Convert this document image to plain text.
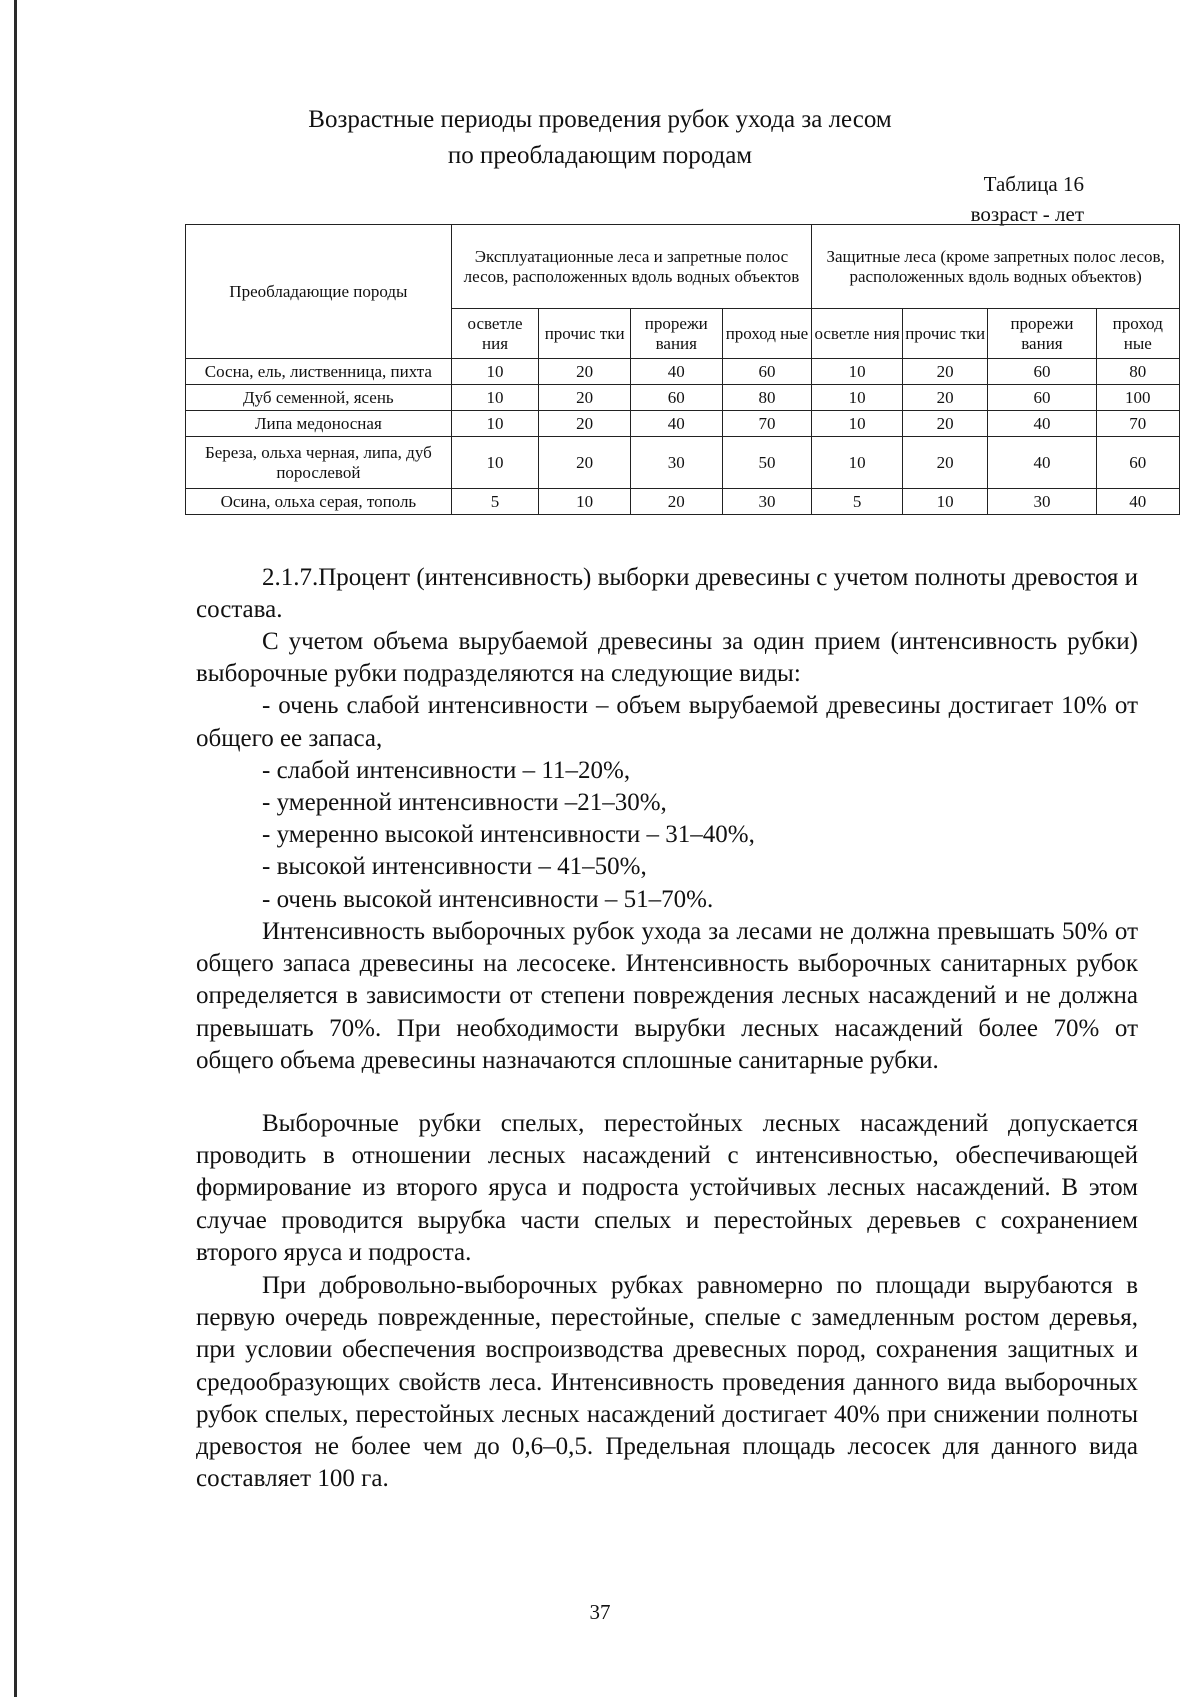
Возрастные периоды проведения рубок ухода за лесом
по преобладающим породам
Таблица 16
возраст - лет
Преобладающие породы	Эксплуатационные леса и запретные полос лесов, расположенных вдоль водных объектов				Защитные леса (кроме запретных полос лесов, расположенных вдоль водных объектов)			
	осветле ния	прочис тки	прорежи вания	проход ные	осветле ния	прочис тки	прорежи вания	проход ные
Сосна, ель, лиственница, пихта	10	20	40	60	10	20	60	80
Дуб семенной, ясень	10	20	60	80	10	20	60	100
Липа медоносная	10	20	40	70	10	20	40	70
Береза, ольха черная, липа, дуб порослевой	10	20	30	50	10	20	40	60
Осина, ольха серая, тополь	5	10	20	30	5	10	30	40
2.1.7.Процент (интенсивность) выборки древесины с учетом полноты древостоя и состава.
С учетом объема вырубаемой древесины за один прием (интенсивность рубки) выборочные рубки подразделяются на следующие виды:
- очень слабой интенсивности – объем вырубаемой древесины достигает 10% от общего ее запаса,
- слабой интенсивности – 11–20%,
- умеренной интенсивности –21–30%,
- умеренно высокой интенсивности – 31–40%,
- высокой интенсивности – 41–50%,
- очень высокой интенсивности – 51–70%.
Интенсивность выборочных рубок ухода за лесами не должна превышать 50% от общего запаса древесины на лесосеке. Интенсивность выборочных санитарных рубок определяется в зависимости от степени повреждения лесных насаждений и не должна превышать 70%. При необходимости вырубки лесных насаждений более 70% от общего объема древесины назначаются сплошные санитарные рубки.
Выборочные рубки спелых, перестойных лесных насаждений допускается проводить в отношении лесных насаждений с интенсивностью, обеспечивающей формирование из второго яруса и подроста устойчивых лесных насаждений. В этом случае проводится вырубка части спелых и перестойных деревьев с сохранением второго яруса и подроста.
При добровольно-выборочных рубках равномерно по площади вырубаются в первую очередь поврежденные, перестойные, спелые с замедленным ростом деревья, при условии обеспечения воспроизводства древесных пород, сохранения защитных и средообразующих свойств леса. Интенсивность проведения данного вида выборочных рубок спелых, перестойных лесных насаждений достигает 40% при снижении полноты древостоя не более чем до 0,6–0,5. Предельная площадь лесосек для данного вида составляет 100 га.
37
